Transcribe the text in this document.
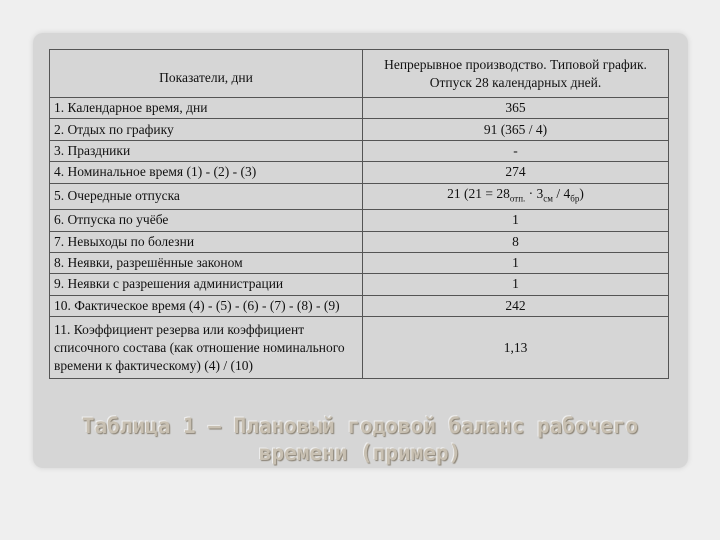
Показатели, дни	Непрерывное производство. Типовой график. Отпуск 28 календарных дней.
1. Календарное время, дни	365
2. Отдых по графику	91 (365 / 4)
3. Праздники	-
4. Номинальное время (1) - (2) - (3)	274
5. Очередные отпуска	21 $(21 = 28_{отп.} \cdot 3_{см} / 4_{бр})$
6. Отпуска по учёбе	1
7. Невыходы по болезни	8
8. Неявки, разрешённые законом	1
9. Неявки с разрешения администрации	1
10. Фактическое время (4) - (5) - (6) - (7) - (8) - (9)	242
11. Коэффициент резерва или коэффициент списочного состава (как отношение номинального времени к фактическому) (4) / (10)	1,13
Таблица 1 – Плановый годовой баланс рабочего времени (пример)
